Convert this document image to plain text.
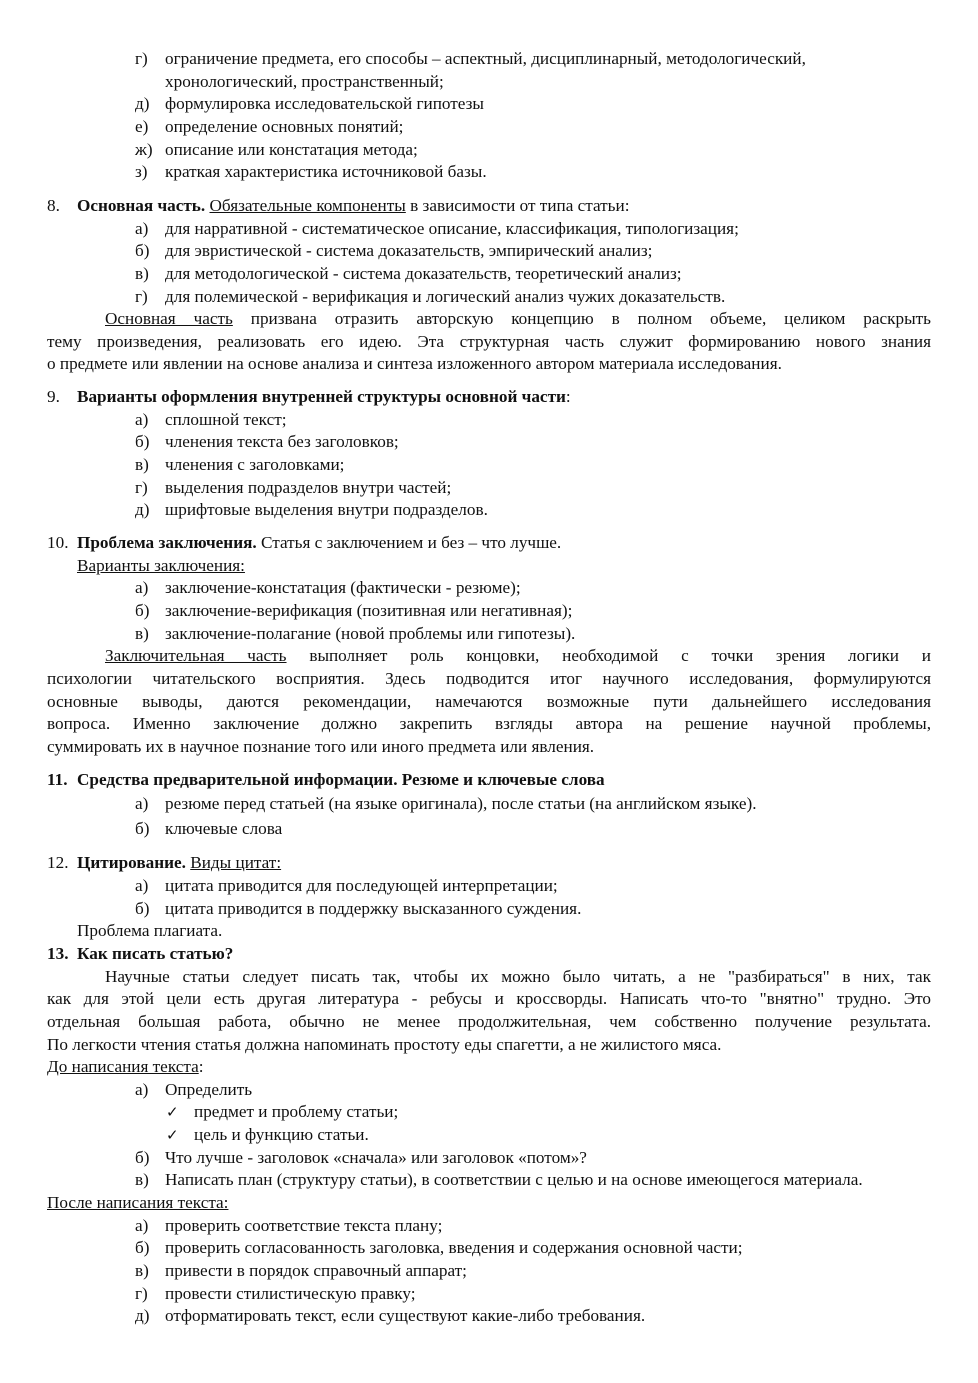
г) ограничение предмета, его способы – аспектный, дисциплинарный, методологический,
хронологический, пространственный;
д) формулировка исследовательской гипотезы
е) определение основных понятий;
ж) описание или констатация метода;
з) краткая характеристика источниковой базы.
8. Основная часть. Обязательные компоненты в зависимости от типа статьи:
а) для нарративной - систематическое описание, классификация, типологизация;
б) для эвристической - система доказательств, эмпирический анализ;
в) для методологической - система доказательств, теоретический анализ;
г) для полемической - верификация и логический анализ чужих доказательств.
Основная часть призвана отразить авторскую концепцию в полном объеме, целиком раскрыть
тему произведения, реализовать его идею. Эта структурная часть служит формированию нового знания
о предмете или явлении на основе анализа и синтеза изложенного автором материала исследования.
9. Варианты оформления внутренней структуры основной части:
а) сплошной текст;
б) членения текста без заголовков;
в) членения с заголовками;
г) выделения подразделов внутри частей;
д) шрифтовые выделения внутри подразделов.
10. Проблема заключения. Статья с заключением и без – что лучше.
Варианты заключения:
а) заключение-констатация (фактически - резюме);
б) заключение-верификация (позитивная или негативная);
в) заключение-полагание (новой проблемы или гипотезы).
Заключительная часть выполняет роль концовки, необходимой с точки зрения логики и
психологии читательского восприятия. Здесь подводится итог научного исследования, формулируются
основные выводы, даются рекомендации, намечаются возможные пути дальнейшего исследования
вопроса. Именно заключение должно закрепить взгляды автора на решение научной проблемы,
суммировать их в научное познание того или иного предмета или явления.
11. Средства предварительной информации. Резюме и ключевые слова
а) резюме перед статьей (на языке оригинала), после статьи (на английском языке).
б) ключевые слова
12. Цитирование. Виды цитат:
а) цитата приводится для последующей интерпретации;
б) цитата приводится в поддержку высказанного суждения.
Проблема плагиата.
13. Как писать статью?
Научные статьи следует писать так, чтобы их можно было читать, а не "разбираться" в них, так
как для этой цели есть другая литература - ребусы и кроссворды. Написать что-то "внятно" трудно. Это
отдельная большая работа, обычно не менее продолжительная, чем собственно получение результата.
По легкости чтения статья должна напоминать простоту еды спагетти, а не жилистого мяса.
До написания текста:
а) Определить
✓ предмет и проблему статьи;
✓ цель и функцию статьи.
б) Что лучше - заголовок «сначала» или заголовок «потом»?
в) Написать план (структуру статьи), в соответствии с целью и на основе имеющегося материала.
После написания текста:
а) проверить соответствие текста плану;
б) проверить согласованность заголовка, введения и содержания основной части;
в) привести в порядок справочный аппарат;
г) провести стилистическую правку;
д) отформатировать текст, если существуют какие-либо требования.
